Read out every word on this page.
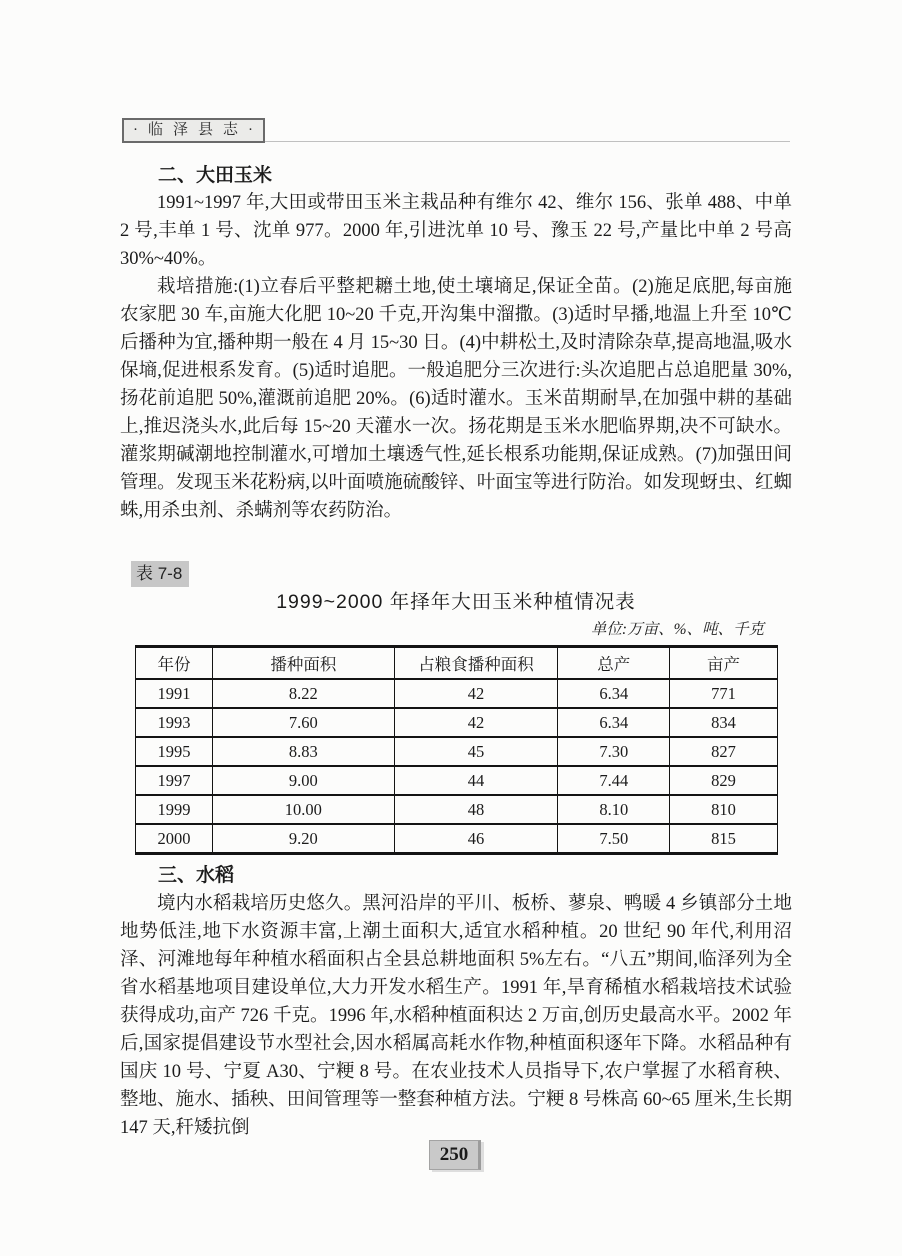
·临泽县志·
二、大田玉米

1991~1997 年,大田或带田玉米主栽品种有维尔 42、维尔 156、张单 488、中单 2 号,丰单 1 号、沈单 977。2000 年,引进沈单 10 号、豫玉 22 号,产量比中单 2 号高 30%~40%。

栽培措施:(1)立春后平整耙耱土地,使土壤墒足,保证全苗。(2)施足底肥,每亩施农家肥 30 车,亩施大化肥 10~20 千克,开沟集中溜撒。(3)适时早播,地温上升至 10℃后播种为宜,播种期一般在 4 月 15~30 日。(4)中耕松土,及时清除杂草,提高地温,吸水保墒,促进根系发育。(5)适时追肥。一般追肥分三次进行:头次追肥占总追肥量 30%,扬花前追肥 50%,灌溉前追肥 20%。(6)适时灌水。玉米苗期耐旱,在加强中耕的基础上,推迟浇头水,此后每 15~20 天灌水一次。扬花期是玉米水肥临界期,决不可缺水。灌浆期碱潮地控制灌水,可增加土壤透气性,延长根系功能期,保证成熟。(7)加强田间管理。发现玉米花粉病,以叶面喷施硫酸锌、叶面宝等进行防治。如发现蚜虫、红蜘蛛,用杀虫剂、杀螨剂等农药防治。

表 7-8

1999~2000 年择年大田玉米种植情况表

单位:万亩、%、吨、千克
年份	播种面积	占粮食播种面积	总产	亩产
1991	8.22	42	6.34	771
1993	7.60	42	6.34	834
1995	8.83	45	7.30	827
1997	9.00	44	7.44	829
1999	10.00	48	8.10	810
2000	9.20	46	7.50	815
三、水稻

境内水稻栽培历史悠久。黑河沿岸的平川、板桥、蓼泉、鸭暖 4 乡镇部分土地地势低洼,地下水资源丰富,上潮土面积大,适宜水稻种植。20 世纪 90 年代,利用沼泽、河滩地每年种植水稻面积占全县总耕地面积 5%左右。“八五”期间,临泽列为全省水稻基地项目建设单位,大力开发水稻生产。1991 年,旱育稀植水稻栽培技术试验获得成功,亩产 726 千克。1996 年,水稻种植面积达 2 万亩,创历史最高水平。2002 年后,国家提倡建设节水型社会,因水稻属高耗水作物,种植面积逐年下降。水稻品种有国庆 10 号、宁夏 A30、宁粳 8 号。在农业技术人员指导下,农户掌握了水稻育秧、整地、施水、插秧、田间管理等一整套种植方法。宁粳 8 号株高 60~65 厘米,生长期 147 天,秆矮抗倒

250
